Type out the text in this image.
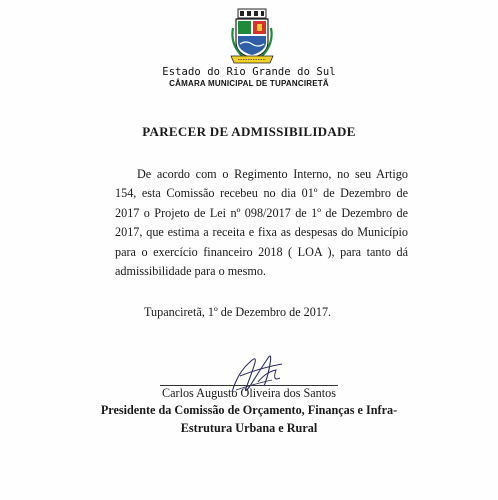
Estado do Rio Grande do Sul
CÂMARA MUNICIPAL DE TUPANCIRETÃ
PARECER DE ADMISSIBILIDADE
De acordo com o Regimento Interno, no seu Artigo 154, esta Comissão recebeu no dia 01º de Dezembro de 2017 o Projeto de Lei nº 098/2017 de 1º de Dezembro de 2017, que estima a receita e fixa as despesas do Município para o exercício financeiro 2018 ( LOA ), para tanto dá admissibilidade para o mesmo.
Tupanciretã, 1º de Dezembro de 2017.
Carlos Augusto Oliveira dos Santos
Presidente da Comissão de Orçamento, Finanças e Infra-
Estrutura Urbana e Rural
